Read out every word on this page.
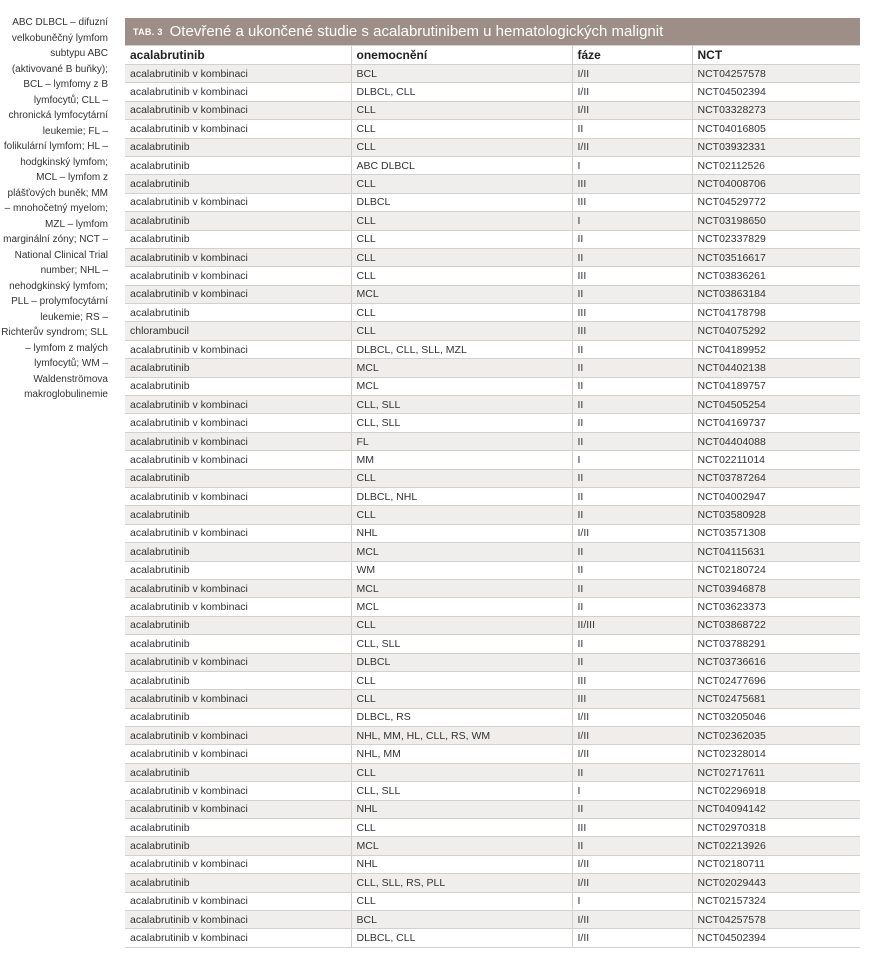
ABC DLBCL – difuzní velkobuněčný lymfom subtypu ABC (aktivované B buňky); BCL – lymfomy z B lymfocytů; CLL – chronická lymfocytární leukemie; FL – folikulární lymfom; HL – hodgkinský lymfom; MCL – lymfom z plášťových buněk; MM – mnohočetný myelom; MZL – lymfom marginální zóny; NCT – National Clinical Trial number; NHL – nehodgkinský lymfom; PLL – prolymfocytární leukemie; RS – Richterův syndrom; SLL – lymfom z malých lymfocytů; WM – Waldenströmova makroglobulinemie
TAB. 3 Otevřené a ukončené studie s acalabrutinibem u hematologických malignit
acalabrutinib	onemocnění	fáze	NCT
acalabrutinib v kombinaci	BCL	I/II	NCT04257578
acalabrutinib v kombinaci	DLBCL, CLL	I/II	NCT04502394
acalabrutinib v kombinaci	CLL	I/II	NCT03328273
acalabrutinib v kombinaci	CLL	II	NCT04016805
acalabrutinib	CLL	I/II	NCT03932331
acalabrutinib	ABC DLBCL	I	NCT02112526
acalabrutinib	CLL	III	NCT04008706
acalabrutinib v kombinaci	DLBCL	III	NCT04529772
acalabrutinib	CLL	I	NCT03198650
acalabrutinib	CLL	II	NCT02337829
acalabrutinib v kombinaci	CLL	II	NCT03516617
acalabrutinib v kombinaci	CLL	III	NCT03836261
acalabrutinib v kombinaci	MCL	II	NCT03863184
acalabrutinib	CLL	III	NCT04178798
chlorambucil	CLL	III	NCT04075292
acalabrutinib v kombinaci	DLBCL, CLL, SLL, MZL	II	NCT04189952
acalabrutinib	MCL	II	NCT04402138
acalabrutinib	MCL	II	NCT04189757
acalabrutinib v kombinaci	CLL, SLL	II	NCT04505254
acalabrutinib v kombinaci	CLL, SLL	II	NCT04169737
acalabrutinib v kombinaci	FL	II	NCT04404088
acalabrutinib v kombinaci	MM	I	NCT02211014
acalabrutinib	CLL	II	NCT03787264
acalabrutinib v kombinaci	DLBCL, NHL	II	NCT04002947
acalabrutinib	CLL	II	NCT03580928
acalabrutinib v kombinaci	NHL	I/II	NCT03571308
acalabrutinib	MCL	II	NCT04115631
acalabrutinib	WM	II	NCT02180724
acalabrutinib v kombinaci	MCL	II	NCT03946878
acalabrutinib v kombinaci	MCL	II	NCT03623373
acalabrutinib	CLL	II/III	NCT03868722
acalabrutinib	CLL, SLL	II	NCT03788291
acalabrutinib v kombinaci	DLBCL	II	NCT03736616
acalabrutinib	CLL	III	NCT02477696
acalabrutinib v kombinaci	CLL	III	NCT02475681
acalabrutinib	DLBCL, RS	I/II	NCT03205046
acalabrutinib v kombinaci	NHL, MM, HL, CLL, RS, WM	I/II	NCT02362035
acalabrutinib v kombinaci	NHL, MM	I/II	NCT02328014
acalabrutinib	CLL	II	NCT02717611
acalabrutinib v kombinaci	CLL, SLL	I	NCT02296918
acalabrutinib v kombinaci	NHL	II	NCT04094142
acalabrutinib	CLL	III	NCT02970318
acalabrutinib	MCL	II	NCT02213926
acalabrutinib v kombinaci	NHL	I/II	NCT02180711
acalabrutinib	CLL, SLL, RS, PLL	I/II	NCT02029443
acalabrutinib v kombinaci	CLL	I	NCT02157324
acalabrutinib v kombinaci	BCL	I/II	NCT04257578
acalabrutinib v kombinaci	DLBCL, CLL	I/II	NCT04502394
